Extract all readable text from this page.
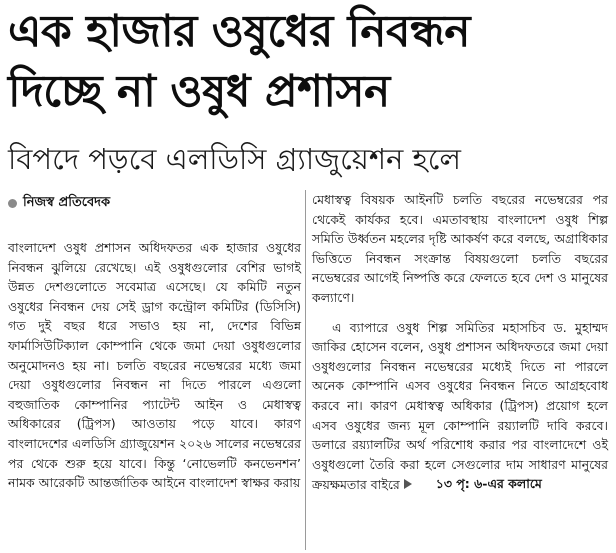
এক হাজার ওষুধের নিবন্ধন
দিচ্ছে না ওষুধ প্রশাসন
বিপদে পড়বে এলডিসি গ্র্যাজুয়েশন হলে
নিজস্ব প্রতিবেদক

বাংলাদেশ ওষুধ প্রশাসন অধিদফতর এক হাজার ওষুধের নিবন্ধন ঝুলিয়ে রেখেছে। এই ওষুধগুলোর বেশির ভাগই উন্নত দেশগুলোতে সবেমাত্র এসেছে। যে কমিটি নতুন ওষুধের নিবন্ধন দেয় সেই ড্রাগ কন্ট্রোল কমিটির (ডিসিসি) গত দুই বছর ধরে সভাও হয় না, দেশের বিভিন্ন ফার্মাসিউটিক্যাল কোম্পানি থেকে জমা দেয়া ওষুধগুলোর অনুমোদনও হয় না। চলতি বছরের নভেম্বরের মধ্যে জমা দেয়া ওষুধগুলোর নিবন্ধন না দিতে পারলে এগুলো বহুজাতিক কোম্পানির প্যাটেন্ট আইন ও মেধাস্বত্ব অধিকারের (ট্রিপস) আওতায় পড়ে যাবে। কারণ বাংলাদেশের এলডিসি গ্র্যাজুয়েশন ২০২৬ সালের নভেম্বরের পর থেকে শুরু হয়ে যাবে। কিন্তু ‘নোভেলটি কনভেনশন’ নামক আরেকটি আন্তর্জাতিক আইনে বাংলাদেশ স্বাক্ষর করায়

মেধাস্বত্ব বিষয়ক আইনটি চলতি বছরের নভেম্বরের পর থেকেই কার্যকর হবে। এমতাবস্থায় বাংলাদেশ ওষুধ শিল্প সমিতি উর্ধ্বতন মহলের দৃষ্টি আকর্ষণ করে বলছে, অগ্রাধিকার ভিত্তিতে নিবন্ধন সংক্রান্ত বিষয়গুলো চলতি বছরের নভেম্বরের আগেই নিষ্পত্তি করে ফেলতে হবে দেশ ও মানুষের কল্যাণে।

এ ব্যাপারে ওষুধ শিল্প সমিতির মহাসচিব ড. মুহাম্মদ জাকির হোসেন বলেন, ওষুধ প্রশাসন অধিদফতরে জমা দেয়া ওষুধগুলোর নিবন্ধন নভেম্বরের মধ্যেই দিতে না পারলে অনেক কোম্পানি এসব ওষুধের নিবন্ধন নিতে আগ্রহবোধ করবে না। কারণ মেধাস্বত্ব অধিকার (ট্রিপস) প্রয়োগ হলে এসব ওষুধের জন্য মূল কোম্পানি রয়্যালটি দাবি করবে। ডলারে রয়্যালটির অর্থ পরিশোধ করার পর বাংলাদেশে ওই ওষুধগুলো তৈরি করা হলে সেগুলোর দাম সাধারণ মানুষের ক্রয়ক্ষমতার বাইরে	১৩ পৃ: ৬-এর কলামে
